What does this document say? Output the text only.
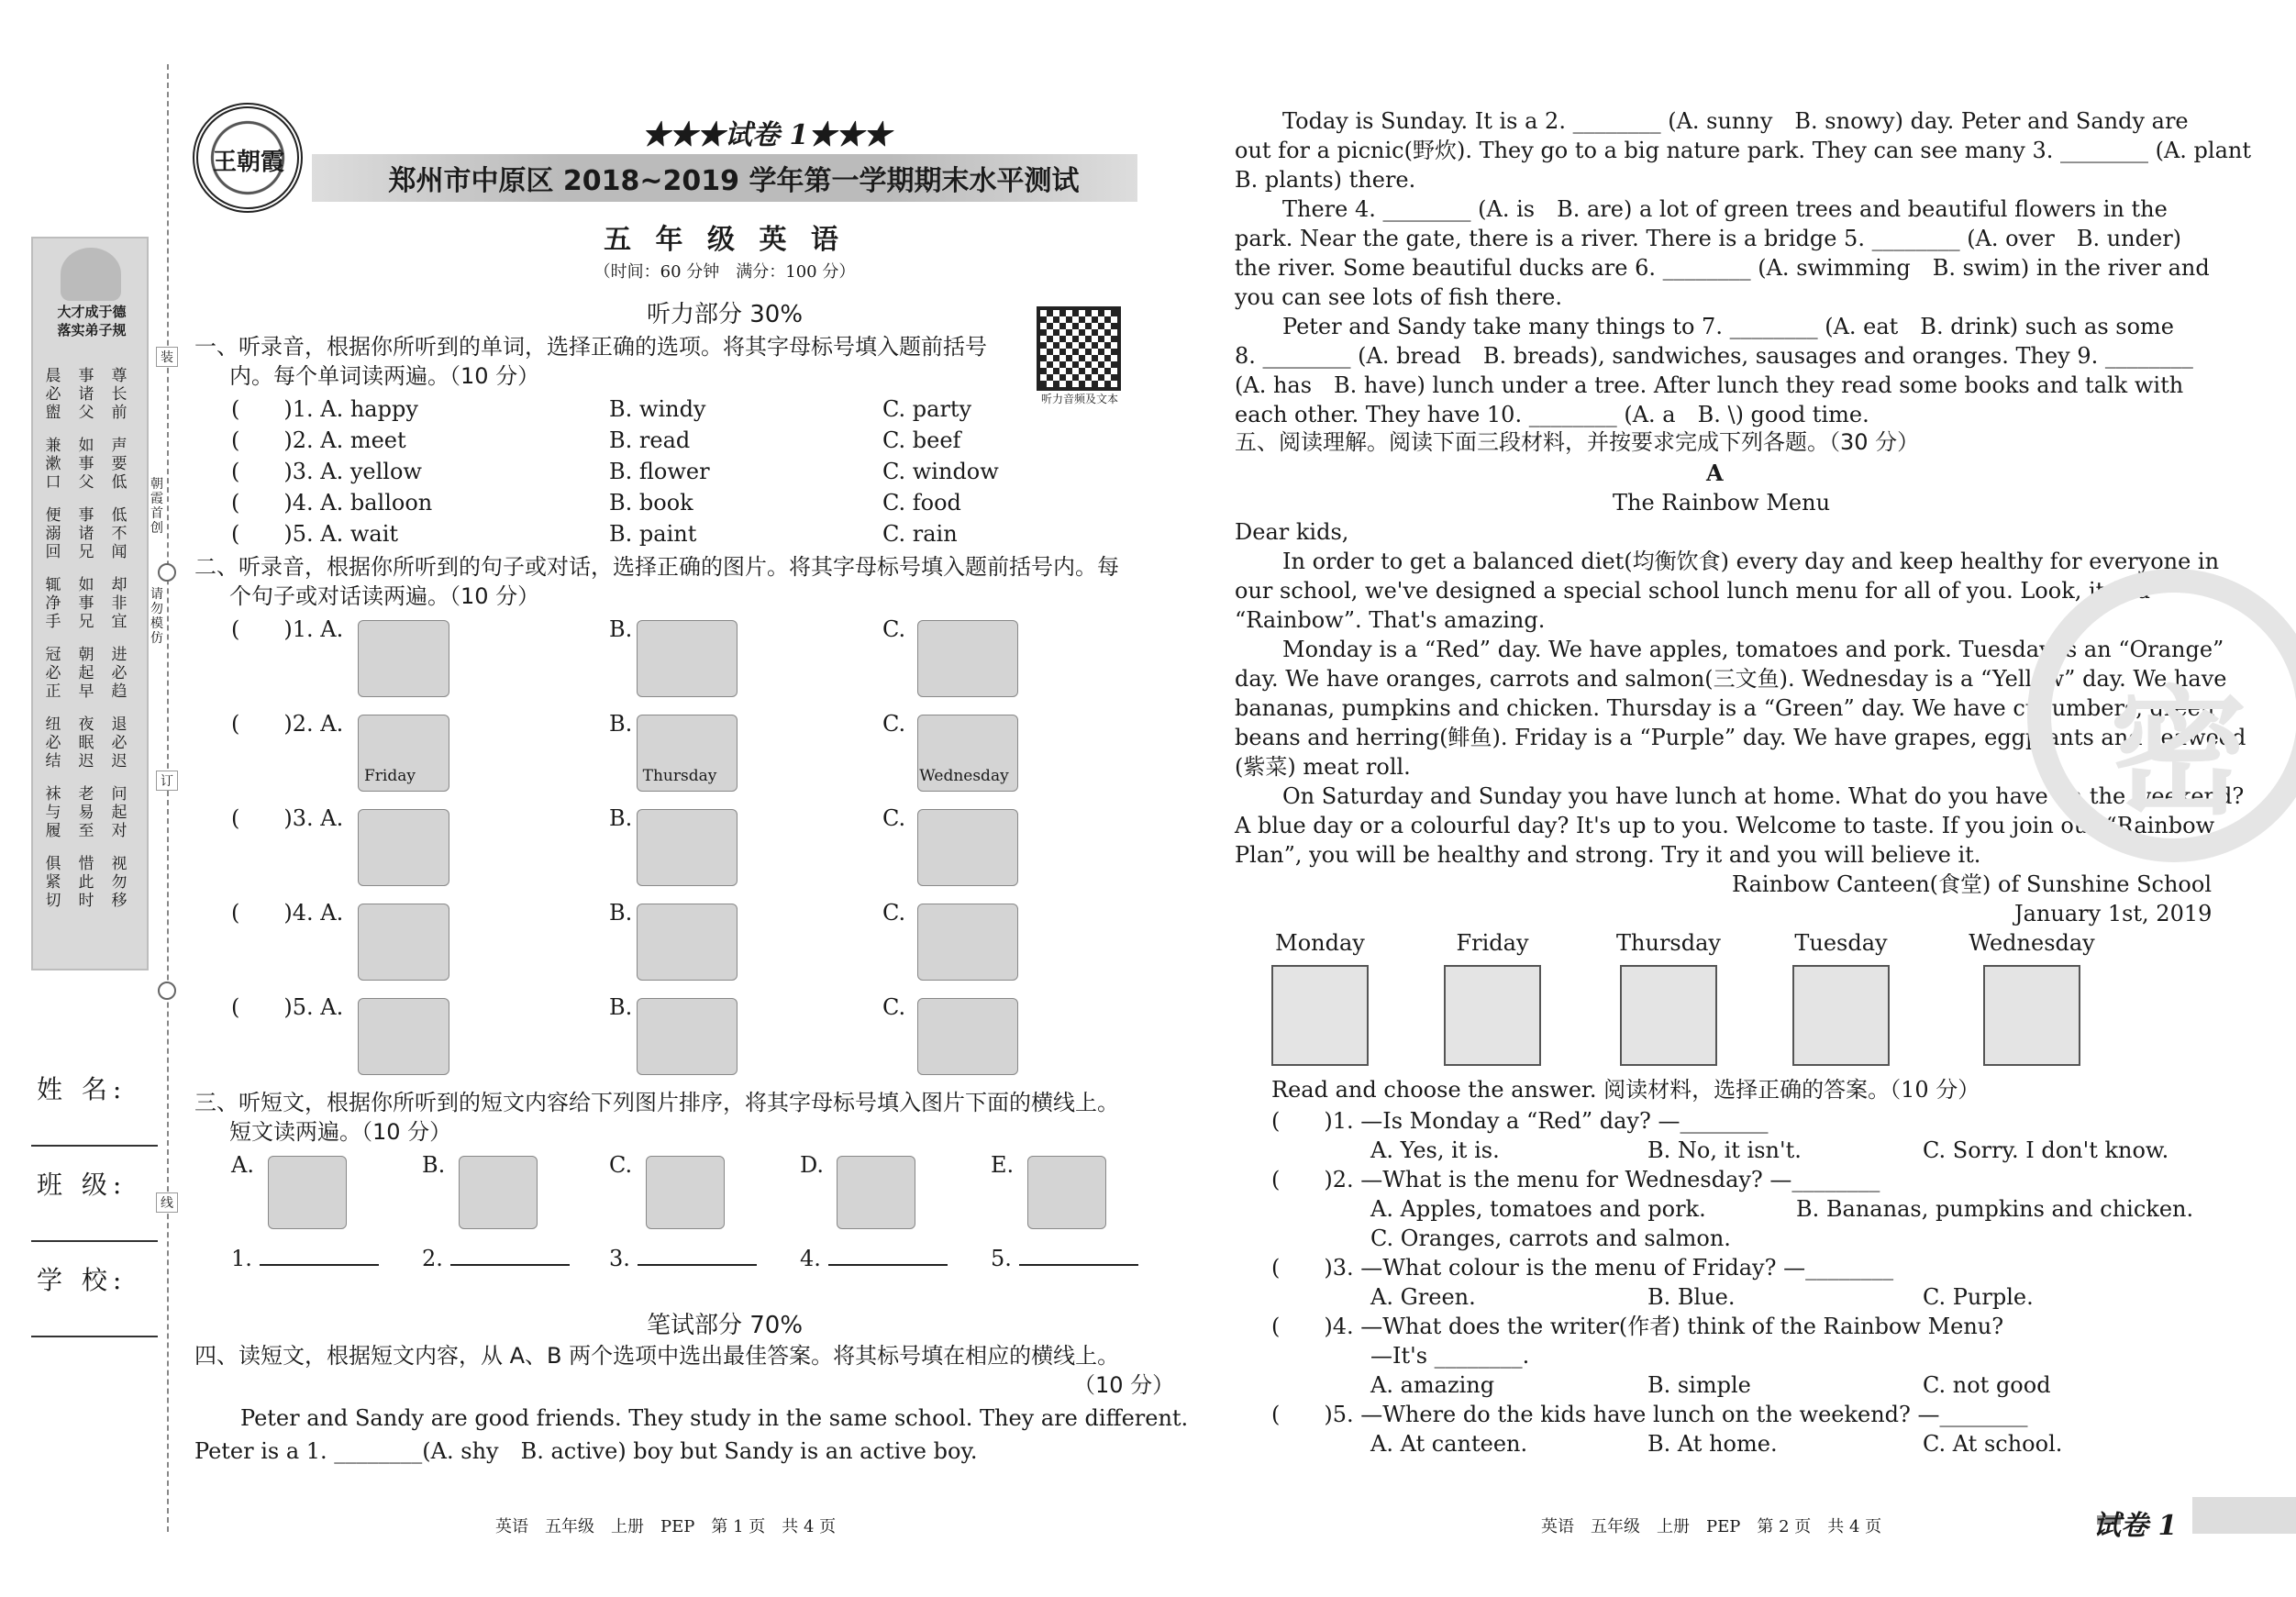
大才成于德
落实弟子规
晨
必
盥
兼
漱
口
便
溺
回
辄
净
手
冠
必
正
纽
必
结
袜
与
履
俱
紧
切
事
诸
父
如
事
父
事
诸
兄
如
事
兄
朝
起
早
夜
眠
迟
老
易
至
惜
此
时
尊
长
前
声
要
低
低
不
闻
却
非
宜
进
必
趋
退
必
迟
问
起
对
视
勿
移
姓 名:
班 级:
学 校:
装
订
线
朝霞首创
请勿模仿
王朝霞
★★★试卷 1★★★
郑州市中原区 2018~2019 学年第一学期期末水平测试
五 年 级 英 语
（时间：60 分钟　满分：100 分）
听力音频及文本
听力部分 30%
一、听录音，根据你所听到的单词，选择正确的选项。将其字母标号填入题前括号
内。每个单词读两遍。（10 分）
(　　)1. A. happy	B. windy	C. party
(　　)2. A. meet	B. read	C. beef
(　　)3. A. yellow	B. flower	C. window
(　　)4. A. balloon	B. book	C. food
(　　)5. A. wait	B. paint	C. rain
二、听录音，根据你所听到的句子或对话，选择正确的图片。将其字母标号填入题前括号内。每
个句子或对话读两遍。（10 分）
(　　)1. A.	B.	C.
(　　)2. A.	B.	C.
(　　)3. A.	B.	C.
(　　)4. A.	B.	C.
(　　)5. A.	B.	C.
Friday	Thursday	Wednesday
三、听短文，根据你所听到的短文内容给下列图片排序，将其字母标号填入图片下面的横线上。
短文读两遍。（10 分）
A.
1.
B.
2.
C.
3.
D.
4.
E.
5.
笔试部分 70%
四、读短文，根据短文内容，从 A、B 两个选项中选出最佳答案。将其标号填在相应的横线上。
（10 分）
Peter and Sandy are good friends. They study in the same school. They are different.
Peter is a 1. ________(A. shy　B. active) boy but Sandy is an active boy.
英语　五年级　上册　PEP　第 1 页　共 4 页
Today is Sunday. It is a 2. ________ (A. sunny　B. snowy) day. Peter and Sandy are
out for a picnic(野炊). They go to a big nature park. They can see many 3. ________ (A. plant
B. plants) there.
There 4. ________ (A. is　B. are) a lot of green trees and beautiful flowers in the
park. Near the gate, there is a river. There is a bridge 5. ________ (A. over　B. under)
the river. Some beautiful ducks are 6. ________ (A. swimming　B. swim) in the river and
you can see lots of fish there.
Peter and Sandy take many things to 7. ________ (A. eat　B. drink) such as some
8. ________ (A. bread　B. breads), sandwiches, sausages and oranges. They 9. ________
(A. has　B. have) lunch under a tree. After lunch they read some books and talk with
each other. They have 10. ________ (A. a　B. \) good time.
五、阅读理解。阅读下面三段材料，并按要求完成下列各题。（30 分）
A
The Rainbow Menu
Dear kids,
In order to get a balanced diet(均衡饮食) every day and keep healthy for everyone in
our school, we've designed a special school lunch menu for all of you. Look, it is a
“Rainbow”. That's amazing.
Monday is a “Red” day. We have apples, tomatoes and pork. Tuesday is an “Orange”
day. We have oranges, carrots and salmon(三文鱼). Wednesday is a “Yellow” day. We have
bananas, pumpkins and chicken. Thursday is a “Green” day. We have cucumbers, green
beans and herring(鲱鱼). Friday is a “Purple” day. We have grapes, eggplants and seaweed
(紫菜) meat roll.
On Saturday and Sunday you have lunch at home. What do you have on the weekend?
A blue day or a colourful day? It's up to you. Welcome to taste. If you join our “Rainbow
Plan”, you will be healthy and strong. Try it and you will believe it.
Rainbow Canteen(食堂) of Sunshine School
January 1st, 2019
Monday	Friday	Thursday	Tuesday	Wednesday
Read and choose the answer. 阅读材料，选择正确的答案。（10 分）
(　　)1. —Is Monday a “Red” day? —________
A. Yes, it is.	B. No, it isn't.	C. Sorry. I don't know.
(　　)2. —What is the menu for Wednesday? —________
A. Apples, tomatoes and pork.	B. Bananas, pumpkins and chicken.
C. Oranges, carrots and salmon.
(　　)3. —What colour is the menu of Friday? —________
A. Green.	B. Blue.	C. Purple.
(　　)4. —What does the writer(作者) think of the Rainbow Menu?
—It's ________.
A. amazing	B. simple	C. not good
(　　)5. —Where do the kids have lunch on the weekend? —________
A. At canteen.	B. At home.	C. At school.
密
英语　五年级　上册　PEP　第 2 页　共 4 页	试卷 1
